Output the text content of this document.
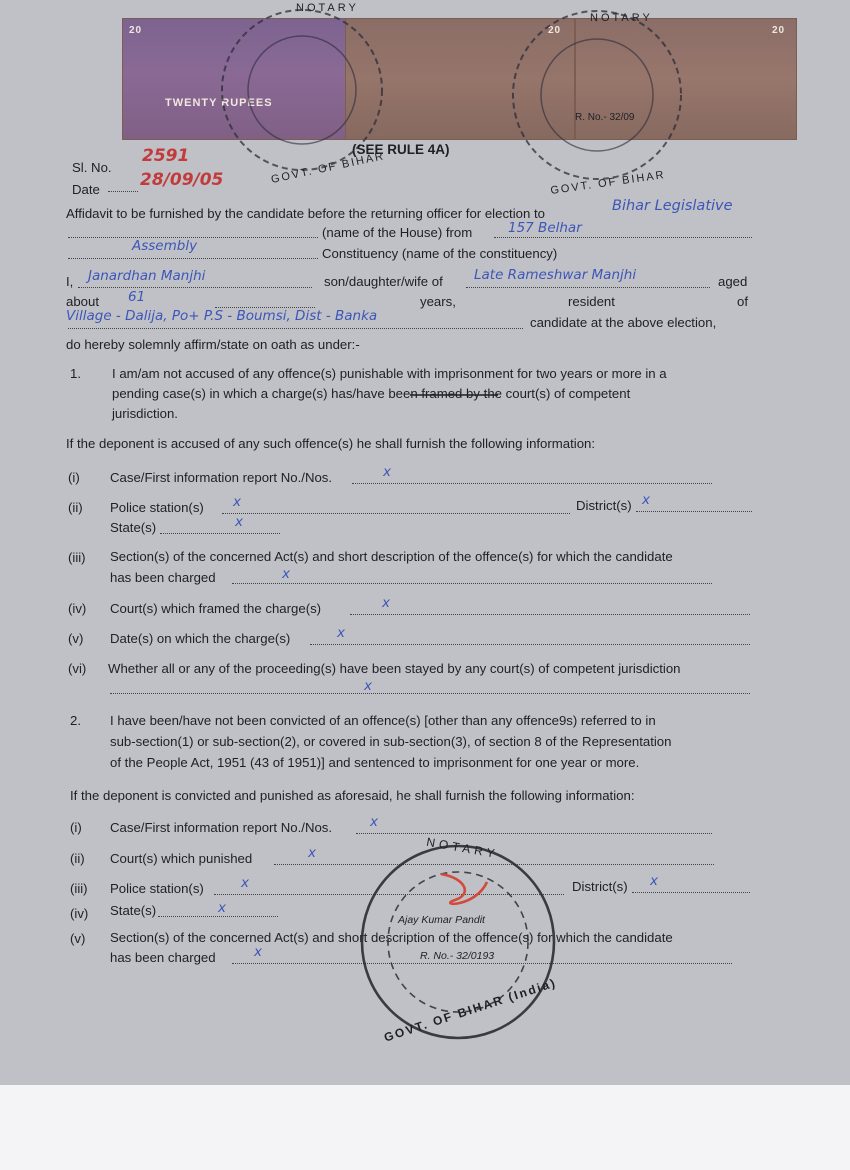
20
TWENTY RUPEES
20	20
NOTARY
NOTARY
GOVT. OF BIHAR	GOVT. OF BIHAR
R. No.- 32/09
(SEE RULE 4A)
Sl. No.
2591
Date 28/09/05
Affidavit to be furnished by the candidate before the returning officer for election to	Bihar Legislative
(name of the House) from	157 Belhar
Assembly	Constituency (name of the constituency)
I, Janardhan Manjhi	son/daughter/wife of Late Rameshwar Manjhi	aged
about 61	years,	resident	of
Village - Dalija, Po+ P.S - Boumsi, Dist - Banka	candidate at the above election,
do hereby solemnly affirm/state on oath as under:-
1. I am/am not accused of any offence(s) punishable with imprisonment for two years or more in a
pending case(s) in which a charge(s) has/have been framed by the court(s) of competent
jurisdiction.
If the deponent is accused of any such offence(s) he shall furnish the following information:
(i) Case/First information report No./Nos.	x
(ii) Police station(s) x	District(s) x
State(s)	x
(iii) Section(s) of the concerned Act(s) and short description of the offence(s) for which the candidate
has been charged	x
(iv) Court(s) which framed the charge(s)	x
(v) Date(s) on which the charge(s)	x
(vi) Whether all or any of the proceeding(s) have been stayed by any court(s) of competent jurisdiction
x
2. I have been/have not been convicted of an offence(s) [other than any offence9s) referred to in
sub-section(1) or sub-section(2), or covered in sub-section(3), of section 8 of the Representation
of the People Act, 1951 (43 of 1951)] and sentenced to imprisonment for one year or more.
If the deponent is convicted and punished as aforesaid, he shall furnish the following information:
(i) Case/First information report No./Nos.	x
(ii) Court(s) which punished	x
(iii) Police station(s)	x	District(s) x
(iv) State(s)	x
(v) Section(s) of the concerned Act(s) and short description of the offence(s) for which the candidate
has been charged	x
NOTARY
Ajay Kumar Pandit
R. No.- 32/0193
GOVT. OF BIHAR (India)
